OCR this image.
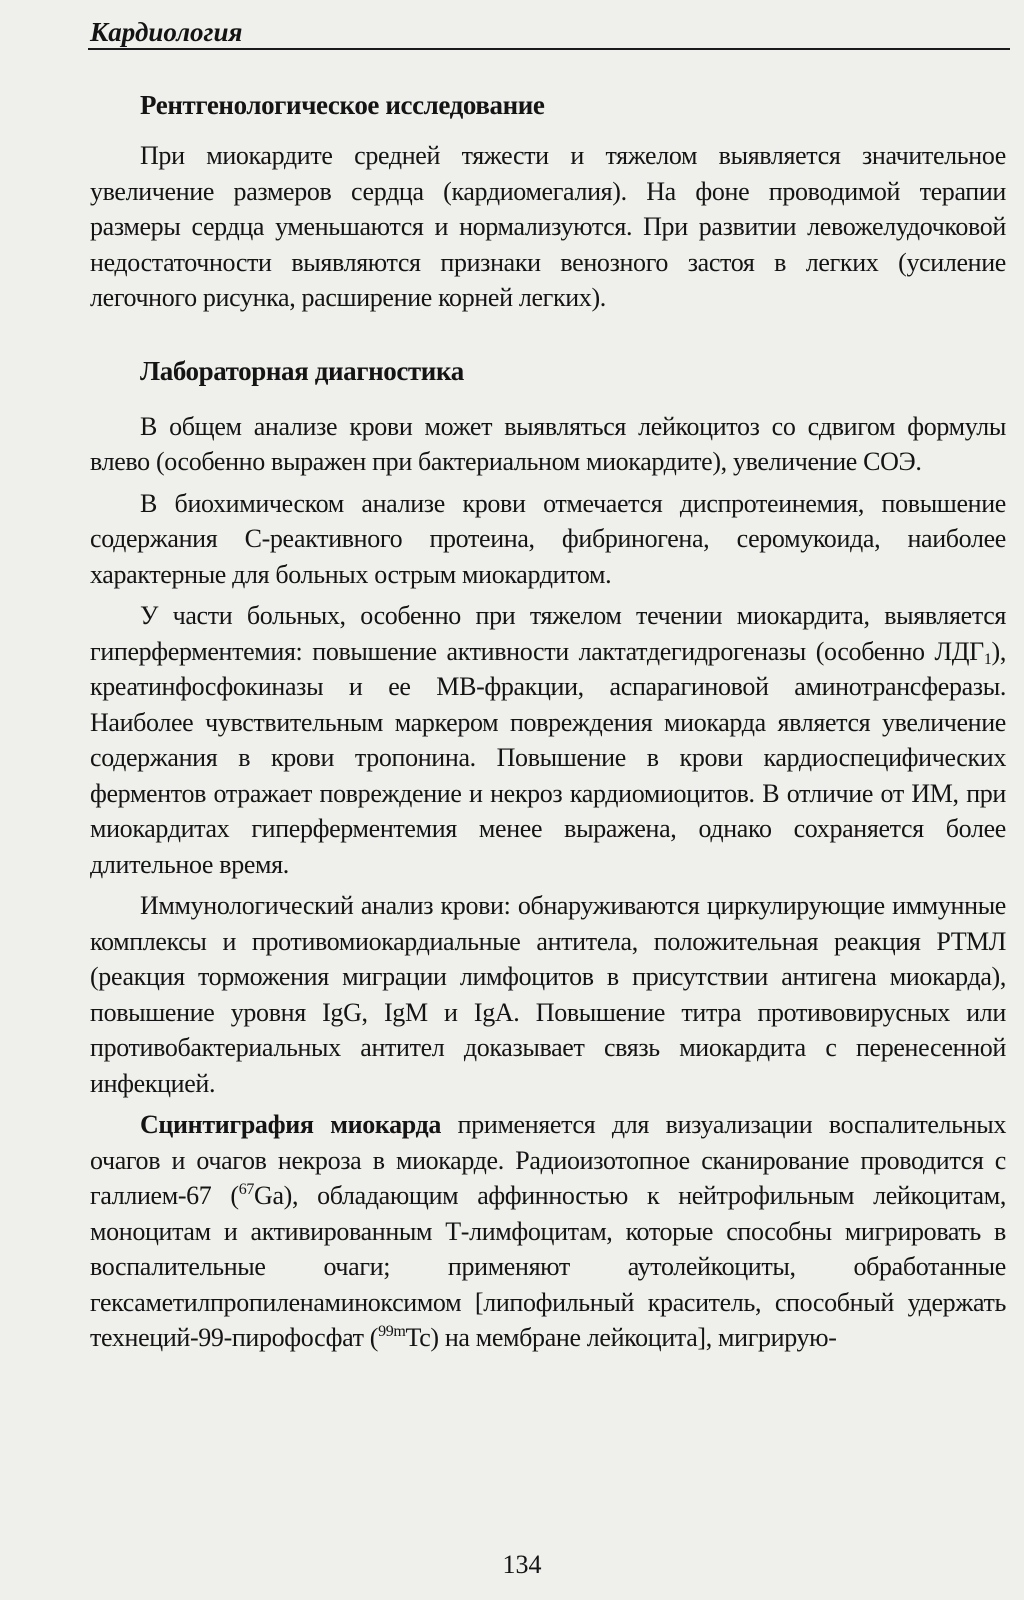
Кардиология
Рентгенологическое исследование

При миокардите средней тяжести и тяжелом выявляется значительное увеличение размеров сердца (кардиомегалия). На фоне проводимой терапии размеры сердца уменьшаются и нормализуются. При развитии левожелудочковой недостаточности выявляются признаки венозного застоя в легких (усиление легочного рисунка, расширение корней легких).

Лабораторная диагностика

В общем анализе крови может выявляться лейкоцитоз со сдвигом формулы влево (особенно выражен при бактериальном миокардите), увеличение СОЭ.

В биохимическом анализе крови отмечается диспротеинемия, повышение содержания С-реактивного протеина, фибриногена, серомукоида, наиболее характерные для больных острым миокардитом.

У части больных, особенно при тяжелом течении миокардита, выявляется гиперферментемия: повышение активности лактатдегидрогеназы (особенно $ЛДГ_1$), креатинфосфокиназы и ее МВ-фракции, аспарагиновой аминотрансферазы. Наиболее чувствительным маркером повреждения миокарда является увеличение содержания в крови тропонина. Повышение в крови кардиоспецифических ферментов отражает повреждение и некроз кардиомиоцитов. В отличие от ИМ, при миокардитах гиперферментемия менее выражена, однако сохраняется более длительное время.

Иммунологический анализ крови: обнаруживаются циркулирующие иммунные комплексы и противомиокардиальные антитела, положительная реакция РТМЛ (реакция торможения миграции лимфоцитов в присутствии антигена миокарда), повышение уровня IgG, IgM и IgA. Повышение титра противовирусных или противобактериальных антител доказывает связь миокардита с перенесенной инфекцией.

Сцинтиграфия миокарда применяется для визуализации воспалительных очагов и очагов некроза в миокарде. Радиоизотопное сканирование проводится с галлием-67 ($^{67}$Ga), обладающим аффинностью к нейтрофильным лейкоцитам, моноцитам и активированным Т-лимфоцитам, которые способны мигрировать в воспалительные очаги; применяют аутолейкоциты, обработанные гексаметилпропиленаминоксимом [липофильный краситель, способный удержать технеций-99-пирофосфат ($^{99m}$Tc) на мембране лейкоцита], мигрирую-

134
